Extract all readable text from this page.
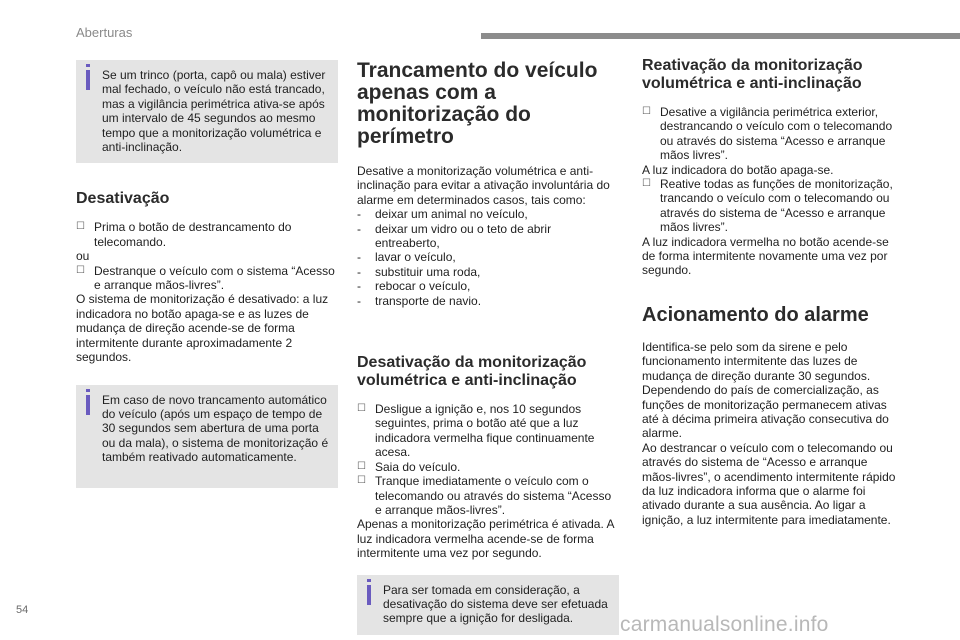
Aberturas

Se um trinco (porta, capô ou mala) estiver mal fechado, o veículo não está trancado, mas a vigilância perimétrica ativa-se após um intervalo de 45 segundos ao mesmo tempo que a monitorização volumétrica e anti-inclinação.

Desativação
☐ Prima o botão de destrancamento do telecomando.

ou

☐ Destranque o veículo com o sistema “Acesso e arranque mãos-livres”.

O sistema de monitorização é desativado: a luz indicadora no botão apaga-se e as luzes de mudança de direção acende-se de forma intermitente durante aproximadamente 2 segundos.

Em caso de novo trancamento automático do veículo (após um espaço de tempo de 30 segundos sem abertura de uma porta ou da mala), o sistema de monitorização é também reativado automaticamente.

Trancamento do veículo apenas com a monitorização do perímetro

Desative a monitorização volumétrica e anti-inclinação para evitar a ativação involuntária do alarme em determinados casos, tais como:

- deixar um animal no veículo,
- deixar um vidro ou o teto de abrir entreaberto,
- lavar o veículo,
- substituir uma roda,
- rebocar o veículo,
- transporte de navio.
Desativação da monitorização volumétrica e anti-inclinação
☐ Desligue a ignição e, nos 10 segundos seguintes, prima o botão até que a luz indicadora vermelha fique continuamente acesa.
☐ Saia do veículo.
☐ Tranque imediatamente o veículo com o telecomando ou através do sistema “Acesso e arranque mãos-livres”.

Apenas a monitorização perimétrica é ativada. A luz indicadora vermelha acende-se de forma intermitente uma vez por segundo.

Para ser tomada em consideração, a desativação do sistema deve ser efetuada sempre que a ignição for desligada.

Reativação da monitorização volumétrica e anti-inclinação
☐ Desative a vigilância perimétrica exterior, destrancando o veículo com o telecomando ou através do sistema “Acesso e arranque mãos livres”.

A luz indicadora do botão apaga-se.

☐ Reative todas as funções de monitorização, trancando o veículo com o telecomando ou através do sistema de “Acesso e arranque mãos livres”.

A luz indicadora vermelha no botão acende-se de forma intermitente novamente uma vez por segundo.

Acionamento do alarme

Identifica-se pelo som da sirene e pelo funcionamento intermitente das luzes de mudança de direção durante 30 segundos.

Dependendo do país de comercialização, as funções de monitorização permanecem ativas até à décima primeira ativação consecutiva do alarme.

Ao destrancar o veículo com o telecomando ou através do sistema de “Acesso e arranque mãos-livres”, o acendimento intermitente rápido da luz indicadora informa que o alarme foi ativado durante a sua ausência. Ao ligar a ignição, a luz intermitente para imediatamente.

54
carmanualsonline.info
